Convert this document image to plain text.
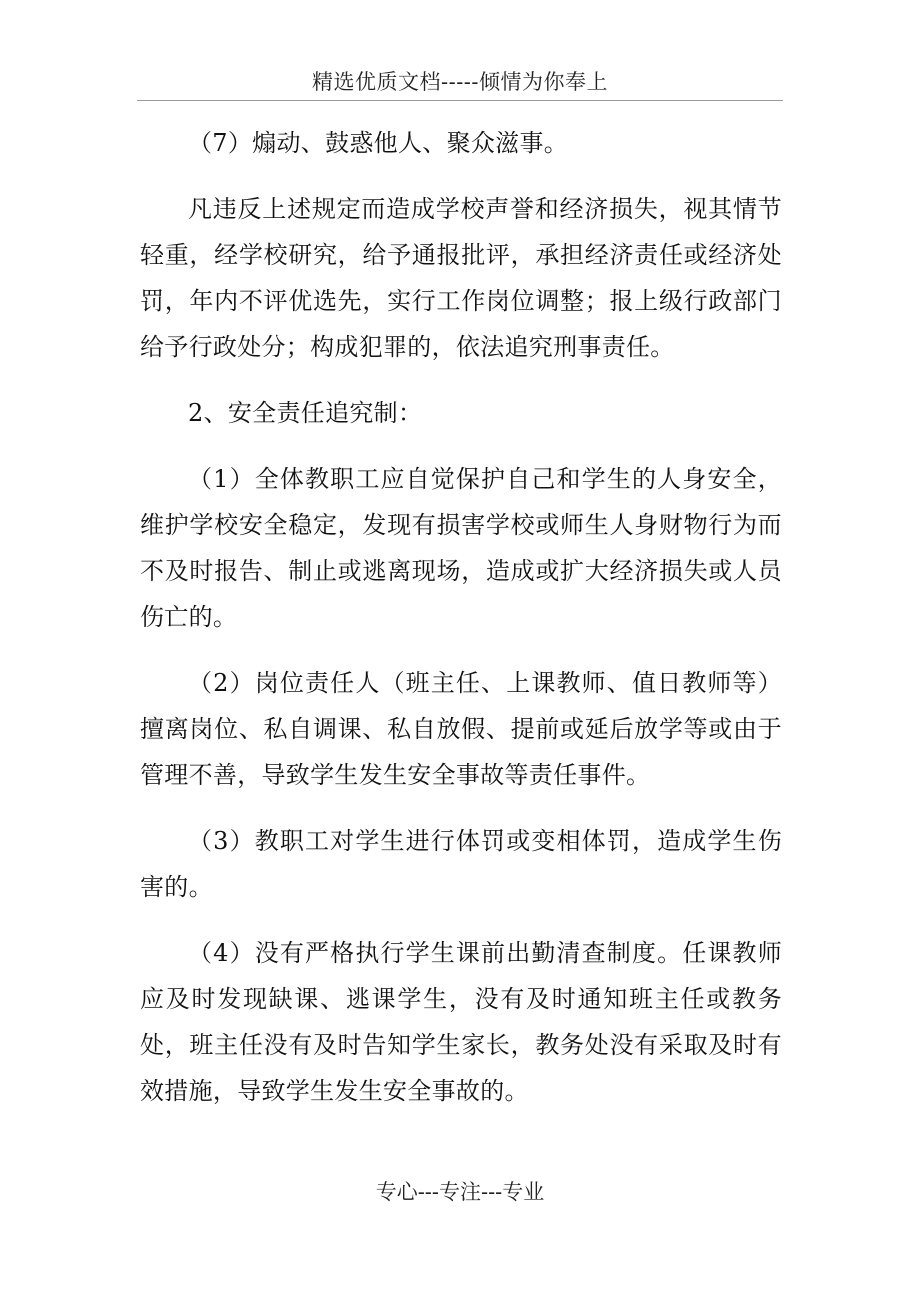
精选优质文档-----倾情为你奉上

（7）煽动、鼓惑他人、聚众滋事。

凡违反上述规定而造成学校声誉和经济损失，视其情节轻重，经学校研究，给予通报批评，承担经济责任或经济处罚，年内不评优选先，实行工作岗位调整；报上级行政部门给予行政处分；构成犯罪的，依法追究刑事责任。

2、安全责任追究制：

（1）全体教职工应自觉保护自己和学生的人身安全，维护学校安全稳定，发现有损害学校或师生人身财物行为而不及时报告、制止或逃离现场，造成或扩大经济损失或人员伤亡的。

（2）岗位责任人（班主任、上课教师、值日教师等）擅离岗位、私自调课、私自放假、提前或延后放学等或由于管理不善，导致学生发生安全事故等责任事件。

（3）教职工对学生进行体罚或变相体罚，造成学生伤害的。

（4）没有严格执行学生课前出勤清查制度。任课教师应及时发现缺课、逃课学生，没有及时通知班主任或教务处，班主任没有及时告知学生家长，教务处没有采取及时有效措施，导致学生发生安全事故的。

专心---专注---专业
